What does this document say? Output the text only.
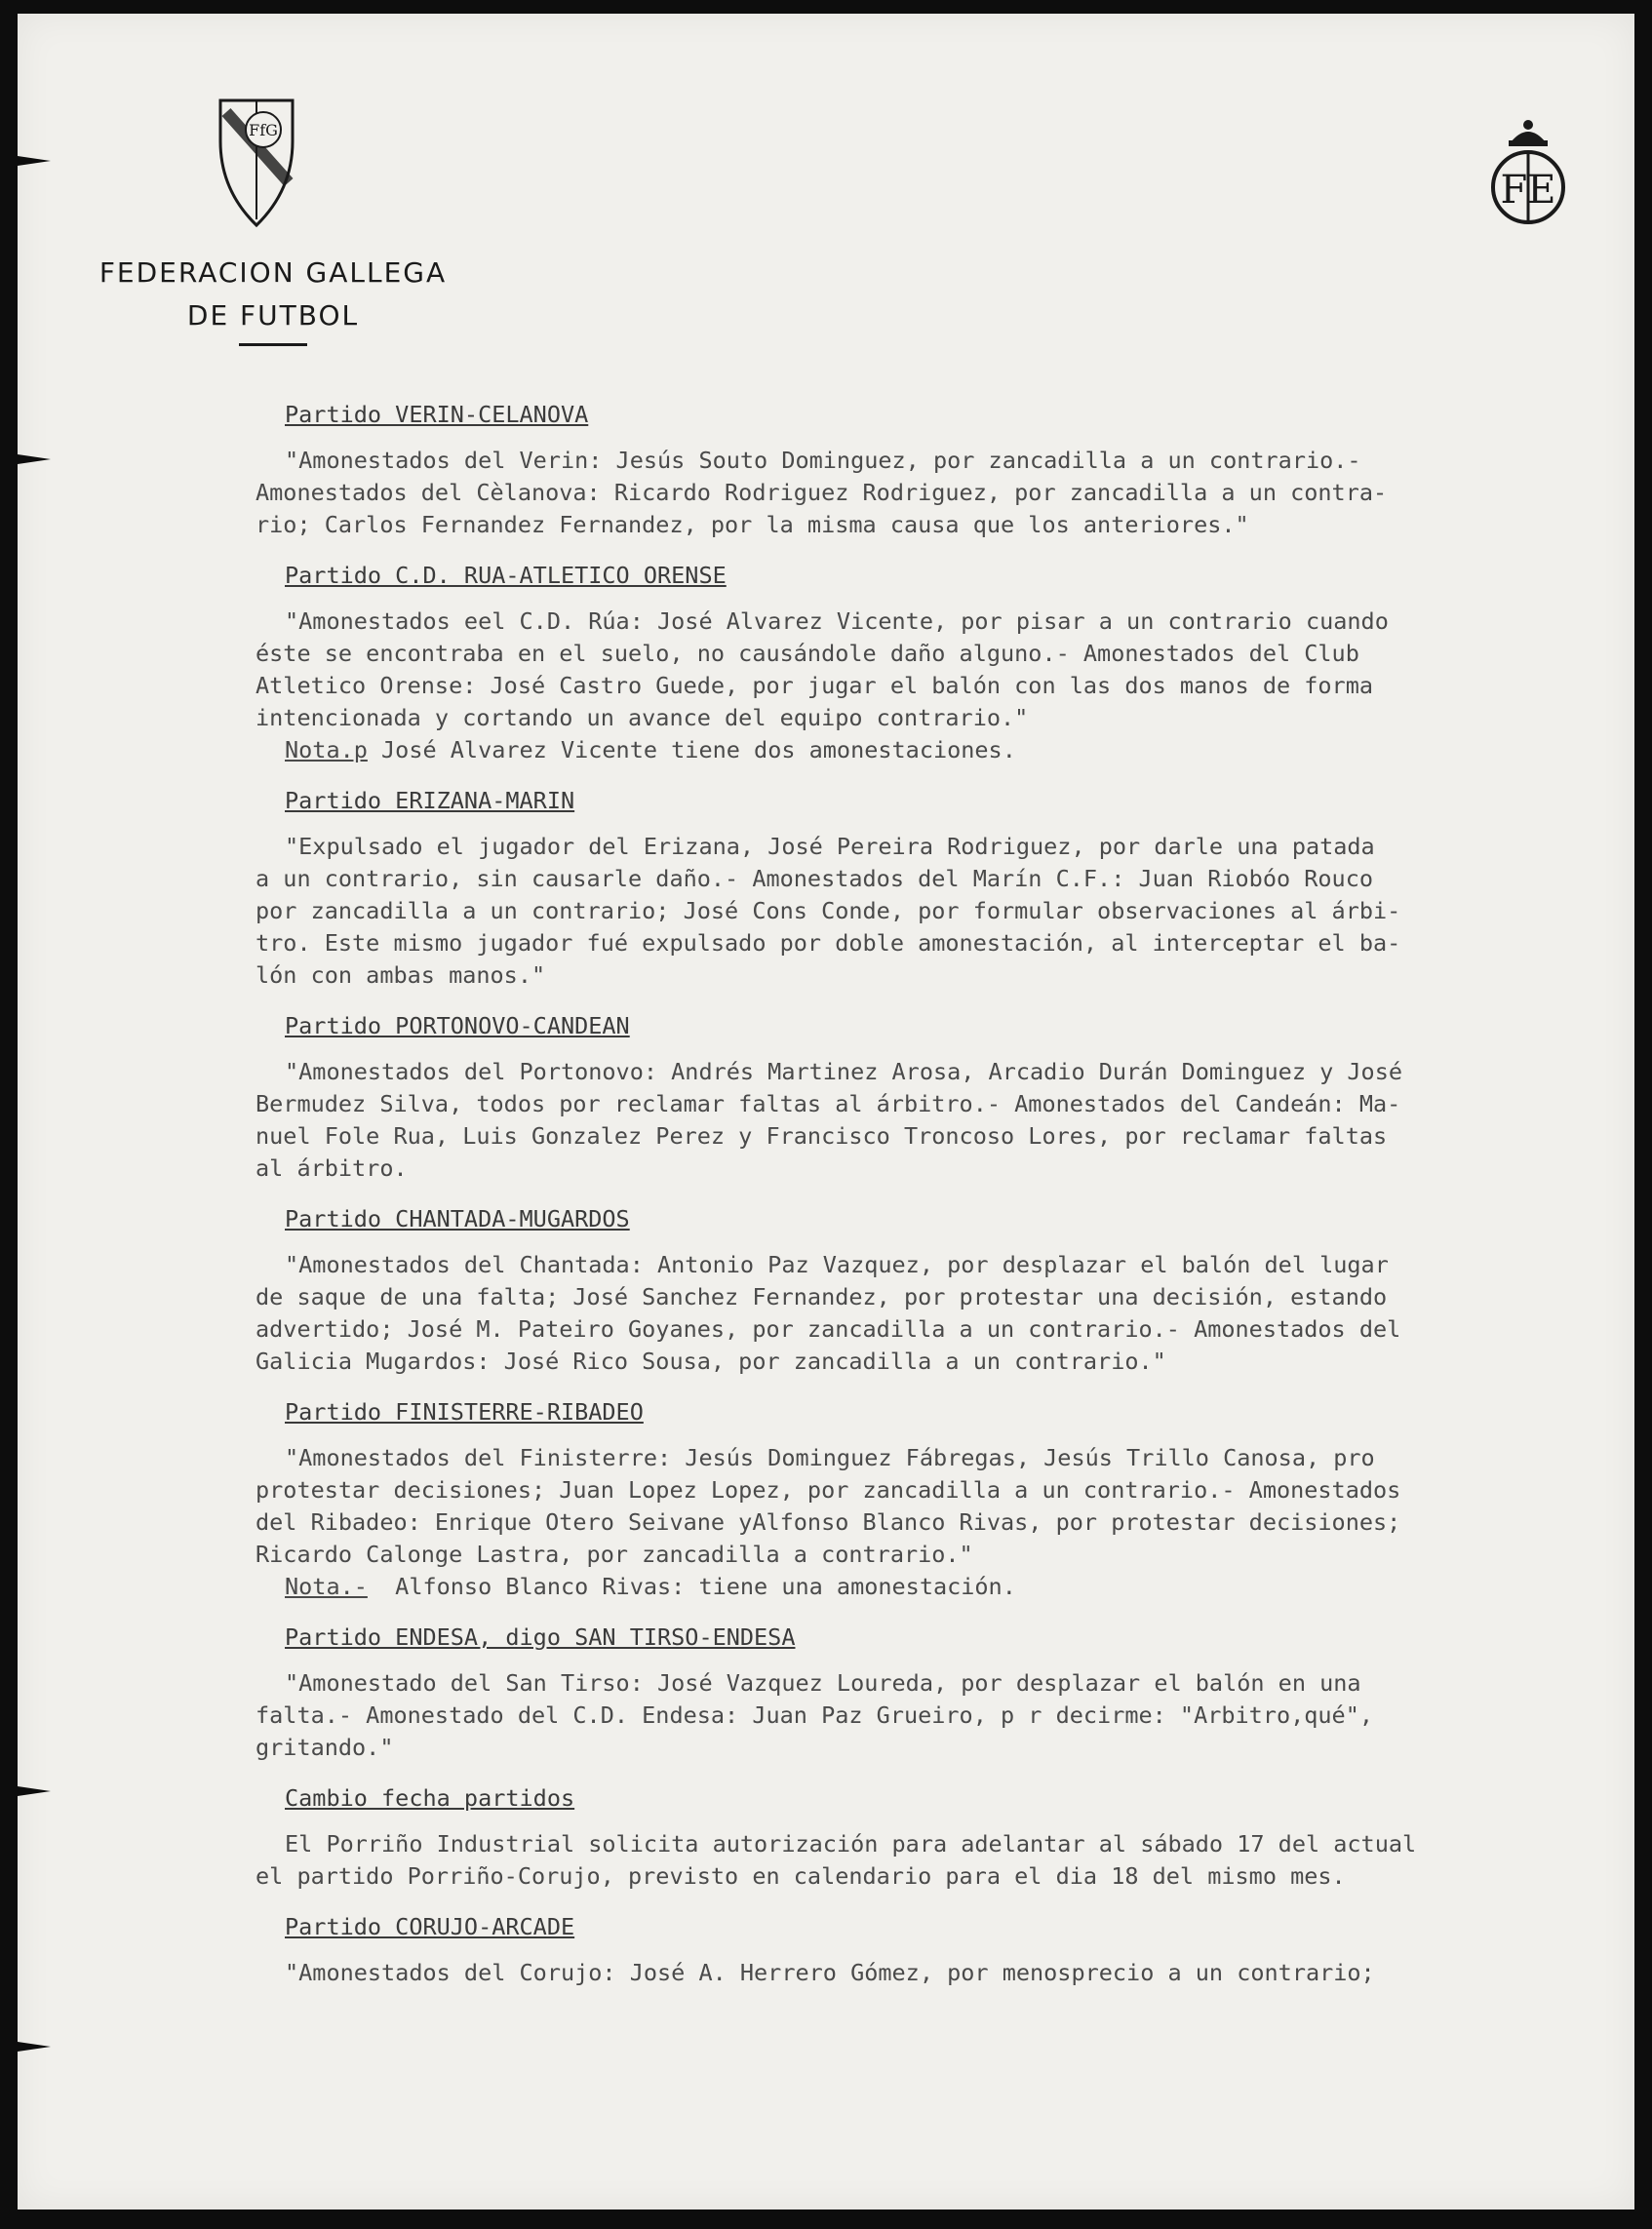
FfG
FEDERACION GALLEGA
DE FUTBOL
FE
Partido VERIN-CELANOVA
"Amonestados del Verin: Jesús Souto Dominguez, por zancadilla a un contrario.-
Amonestados del Cèlanova: Ricardo Rodriguez Rodriguez, por zancadilla a un contra-
rio; Carlos Fernandez Fernandez, por la misma causa que los anteriores."
Partido C.D. RUA-ATLETICO ORENSE
"Amonestados eel C.D. Rúa: José Alvarez Vicente, por pisar a un contrario cuando
éste se encontraba en el suelo, no causándole daño alguno.- Amonestados del Club
Atletico Orense: José Castro Guede, por jugar el balón con las dos manos de forma
intencionada y cortando un avance del equipo contrario."
Nota.p José Alvarez Vicente tiene dos amonestaciones.
Partido ERIZANA-MARIN
"Expulsado el jugador del Erizana, José Pereira Rodriguez, por darle una patada
a un contrario, sin causarle daño.- Amonestados del Marín C.F.: Juan Riobóo Rouco
por zancadilla a un contrario; José Cons Conde, por formular observaciones al árbi-
tro. Este mismo jugador fué expulsado por doble amonestación, al interceptar el ba-
lón con ambas manos."
Partido PORTONOVO-CANDEAN
"Amonestados del Portonovo: Andrés Martinez Arosa, Arcadio Durán Dominguez y José
Bermudez Silva, todos por reclamar faltas al árbitro.- Amonestados del Candeán: Ma-
nuel Fole Rua, Luis Gonzalez Perez y Francisco Troncoso Lores, por reclamar faltas
al árbitro.
Partido CHANTADA-MUGARDOS
"Amonestados del Chantada: Antonio Paz Vazquez, por desplazar el balón del lugar
de saque de una falta; José Sanchez Fernandez, por protestar una decisión, estando
advertido; José M. Pateiro Goyanes, por zancadilla a un contrario.- Amonestados del
Galicia Mugardos: José Rico Sousa, por zancadilla a un contrario."
Partido FINISTERRE-RIBADEO
"Amonestados del Finisterre: Jesús Dominguez Fábregas, Jesús Trillo Canosa, pro
protestar decisiones; Juan Lopez Lopez, por zancadilla a un contrario.- Amonestados
del Ribadeo: Enrique Otero Seivane yAlfonso Blanco Rivas, por protestar decisiones;
Ricardo Calonge Lastra, por zancadilla a contrario."
Nota.-  Alfonso Blanco Rivas: tiene una amonestación.
Partido ENDESA, digo SAN TIRSO-ENDESA
"Amonestado del San Tirso: José Vazquez Loureda, por desplazar el balón en una
falta.- Amonestado del C.D. Endesa: Juan Paz Grueiro, p r decirme: "Arbitro,qué",
gritando."
Cambio fecha partidos
El Porriño Industrial solicita autorización para adelantar al sábado 17 del actual
el partido Porriño-Corujo, previsto en calendario para el dia 18 del mismo mes.
Partido CORUJO-ARCADE
"Amonestados del Corujo: José A. Herrero Gómez, por menosprecio a un contrario;
